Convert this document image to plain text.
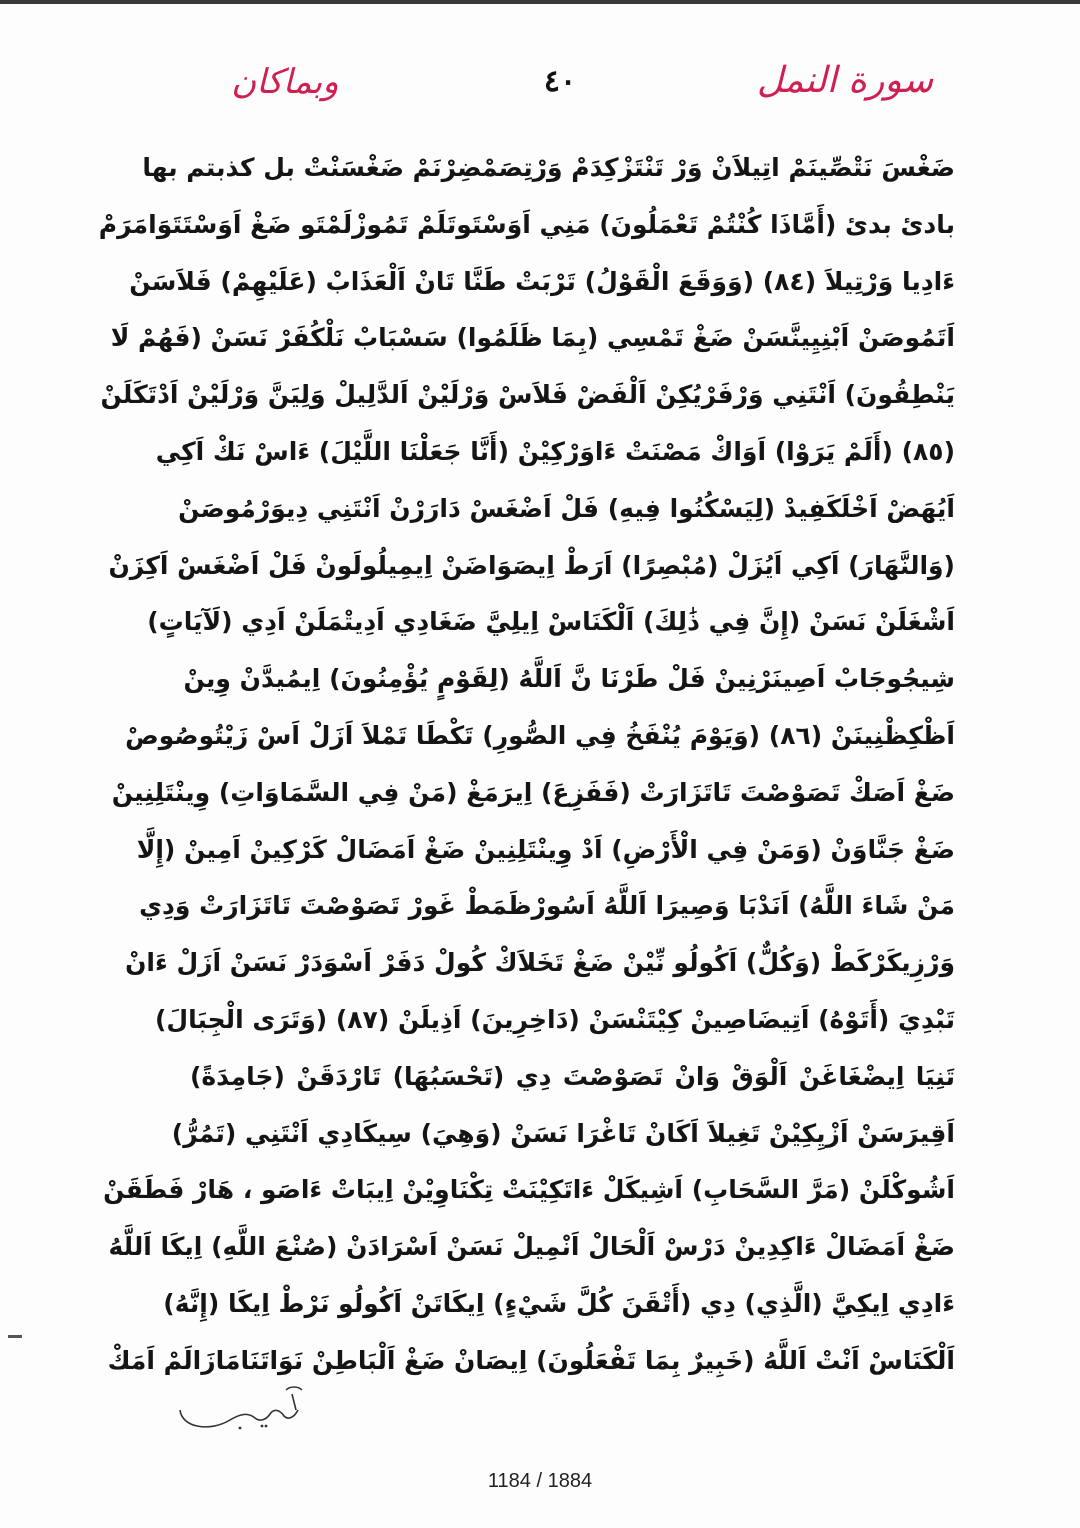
وبماكان	٤٠	سورة النمل
ضَغْسَ نَتْصِّينَمْ اتِيلاَنْ وَرْ تَنْتَزْكِدَمْ وَرْتِصَمْضِرْنَمْ ضَغْسَنْتْ بل كذبتم بها
بادئ بدئ (أَمَّاذَا كُنْتُمْ تَعْمَلُونَ) مَنِي اَوَسْتَوتَلَمْ تَمُوزْلَمْتَو ضَغْ اَوَسْتَتَوَامَرَمْ
ءَادِيا وَرْتِيلاَ (٨٤) (وَوَقَعَ الْقَوْلُ) تَرْبَتْ طَنَّا تَانْ اَلْعَذَابْ (عَلَيْهِمْ) فَلاَسَنْ
اَتَمُوصَنْ اَبْنِيِينَّسَنْ ضَغْ تَمْسِي (بِمَا ظَلَمُوا) سَسْبَابْ نَلْكُفَرْ نَسَنْ (فَهُمْ لَا
يَنْطِقُونَ) اَنْتَنِي وَرْفَرْيُكِنْ اَلْفَضْ فَلاَسْ وَرْلَيْنْ اَلدَّلِيلْ وَلِيَنَّ وَرْلَيْنْ اَدْتَكَلَنْ
(٨٥) (أَلَمْ يَرَوْا) اَوَاكْ مَصْنَتْ ءَاوَرْكِيْنْ (أَنَّا جَعَلْنَا اللَّيْلَ) ءَاسْ نَكْ اَكِي
اَيُهَضْ اَخْلَكَفِيدْ (لِيَسْكُنُوا فِيهِ) فَلْ اَضْغَسْ دَارَرْنْ اَنْتَنِي دِيوَرْمُوصَنْ
(وَالنَّهَارَ) اَكِي اَيُزَلْ (مُبْصِرًا) اَرَطْ اِيصَوَاضَنْ اِيمِيلُولَونْ فَلْ اَضْغَسْ اَكِزَنْ
اَشْغَلَنْ نَسَنْ (إِنَّ فِي ذَٰلِكَ) اَلْكَنَاسْ اِيلِيَّ ضَغَادِي اَدِيتْمَلَنْ اَدِي (لَآيَاتٍ)
شِيجُوجَابْ اَصِينَرْنِينْ فَلْ طَرْنَا نَّ اَللَّهُ (لِقَوْمٍ يُؤْمِنُونَ) اِيمُيدَّنْ وِينْ
اَظْكِظْنِينَنْ (٨٦) (وَيَوْمَ يُنْفَخُ فِي الصُّورِ) تَكْطَا تَمْلاَ اَزَلْ اَسْ زَيْتُوصُوصْ
ضَغْ اَصَكْ تَصَوْصْتَ تَاتَزَارَتْ (فَفَزِعَ) اِيرَمَغْ (مَنْ فِي السَّمَاوَاتِ) وِينْتَلِنِينْ
ضَغْ جَنَّاوَنْ (وَمَنْ فِي الْأَرْضِ) اَدْ وِينْتَلِنِينْ ضَغْ اَمَضَالْ كَرْكِينْ اَمِينْ (إِلَّا
مَنْ شَاءَ اللَّهُ) اَنَدْبَا وَصِيرَا اَللَّهُ اَسُورْظَمَطْ غَورْ تَصَوْصْتَ تَاتَزَارَتْ وَدِي
وَرْزِيكَرْكَطْ (وَكُلٌّ) اَكُولُو نِّيْنْ ضَغْ تَخَلاَكْ كُولْ دَفَرْ اَسْوَدَرْ نَسَنْ اَزَلْ ءَانْ
تَبْدِيَ (أَتَوْهُ) اَتِيضَاصِينْ كِيْتَنْسَنْ (دَاخِرِينَ) اَذِيلَنْ (٨٧) (وَتَرَى الْجِبَالَ)
تَنِيَا اِيضْغَاغَنْ اَلْوَقْ وَانْ تَصَوْصْتَ دِي (تَحْسَبُهَا) تَارْدَقَنْ (جَامِدَةً)
اَقِيرَسَنْ اَزْيِكِيْنْ تَغِيلاَ اَكَانْ تَاغْرَا نَسَنْ (وَهِيَ) سِيكَادِي اَنْتَنِي (تَمُرُّ)
اَشُوكْلَنْ (مَرَّ السَّحَابِ) اَشِيكَلْ ءَاتَكِيْنَتْ تِكْنَاوِيْنْ اِيبَاتْ ءَاصَو ، هَارْ فَطَقَنْ
ضَغْ اَمَضَالْ ءَاكِدِينْ دَرْسْ اَلْحَالْ اَنْمِيلْ نَسَنْ اَسْرَادَنْ (صُنْعَ اللَّهِ) اِيكَا اَللَّهُ
ءَادِي اِيكِيَّ (الَّذِي) دِي (أَتْقَنَ كُلَّ شَيْءٍ) اِيكَاتَنْ اَكُولُو نَرْطْ اِيكَا (إِنَّهُ)
اَلْكَنَاسْ اَنْتْ اَللَّهُ (خَبِيرٌ بِمَا تَفْعَلُونَ) اِيصَانْ ضَغْ اَلْبَاطِنْ نَوَاتَنَامَازَالَمْ اَمَكْ
1184 / 1884
